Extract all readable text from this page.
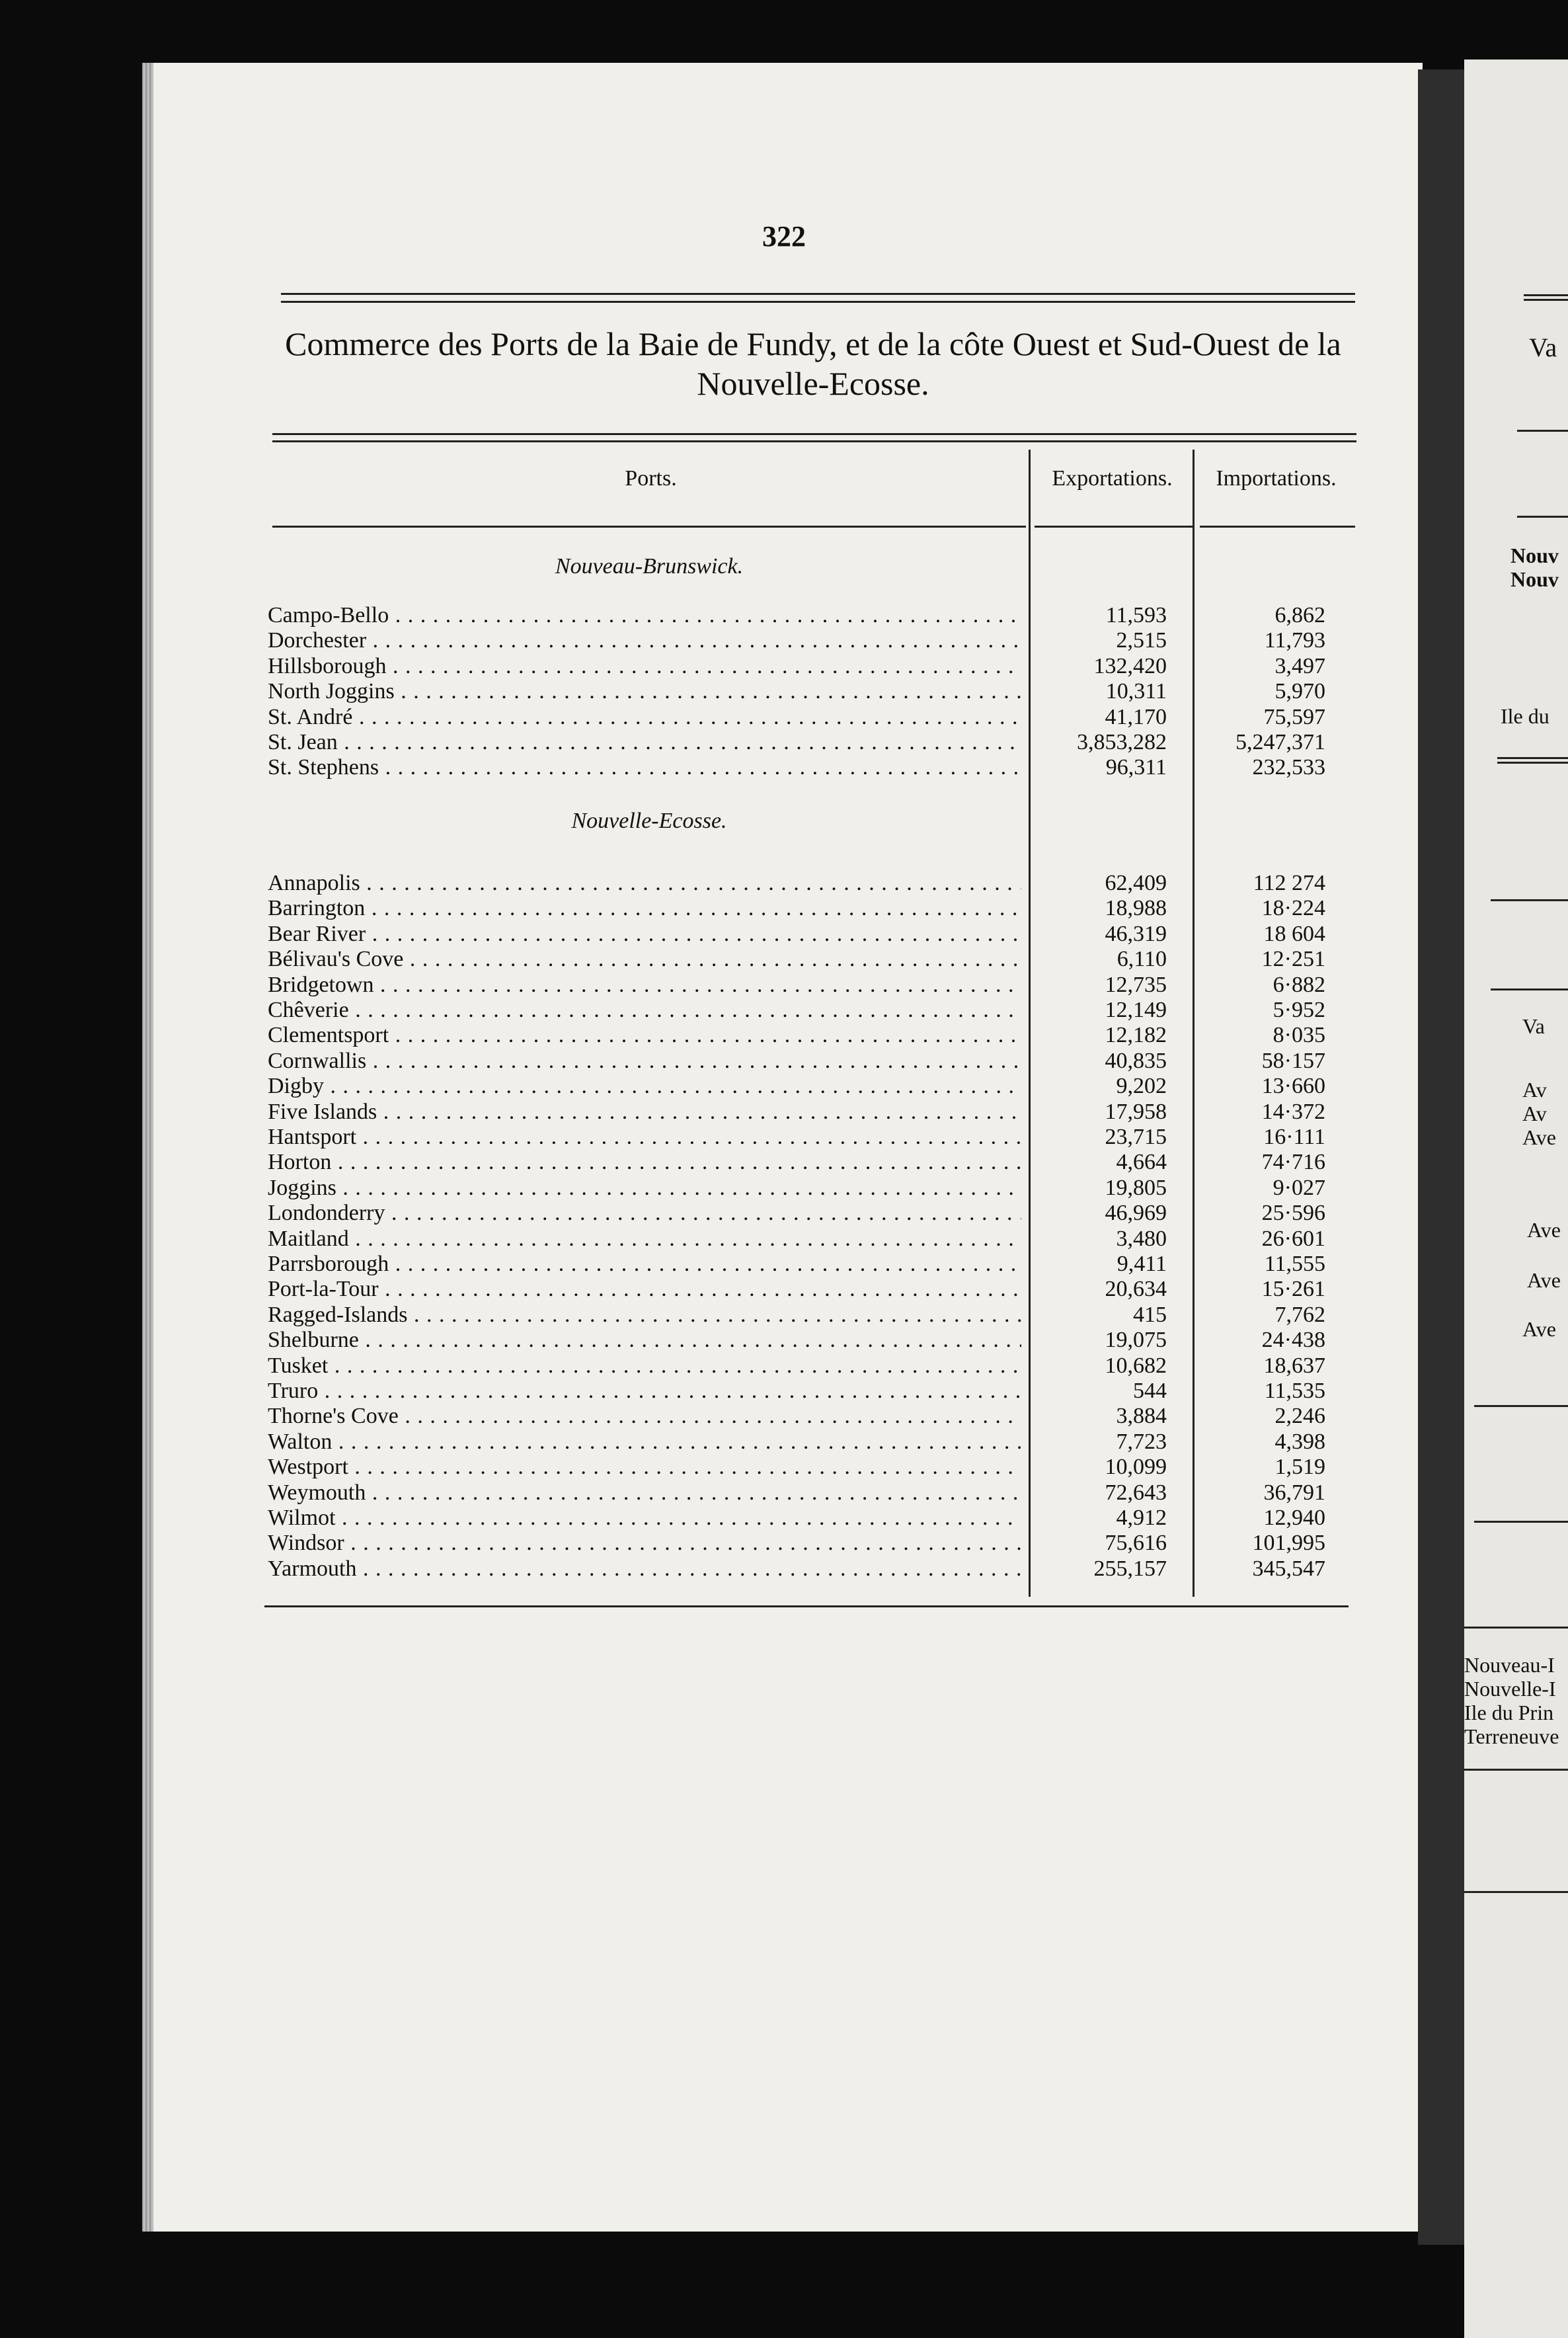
Va
Nouv
Nouv
Ile du
Va
Av
Av
Ave
Ave
Ave
Ave
Nouveau-I
Nouvelle-I
Ile du Prin
Terreneuve
322
Commerce des Ports de la Baie de Fundy, et de la côte Ouest et Sud-Ouest de la Nouvelle-Ecosse.
Ports.	Exportations.	Importations.
Nouveau-Brunswick.
Nouvelle-Ecosse.
Campo-Bello . . .	11,593	6,862
Dorchester . . .	2,515	11,793
Hillsborough . . .	132,420	3,497
North Joggins . . .	10,311	5,970
St. André . . .	41,170	75,597
St. Jean . . .	3,853,282	5,247,371
St. Stephens . . .	96,311	232,533
Annapolis . . .	62,409	112 274
Barrington . . .	18,988	18·224
Bear River . . .	46,319	18 604
Bélivau's Cove . . .	6,110	12·251
Bridgetown . . .	12,735	6·882
Chêverie . . .	12,149	5·952
Clementsport . . .	12,182	8·035
Cornwallis . . .	40,835	58·157
Digby . . .	9,202	13·660
Five Islands . . .	17,958	14·372
Hantsport . . .	23,715	16·111
Horton . . .	4,664	74·716
Joggins . . .	19,805	9·027
Londonderry . . .	46,969	25·596
Maitland . . .	3,480	26·601
Parrsborough . . .	9,411	11,555
Port-la-Tour . . .	20,634	15·261
Ragged-Islands . . .	415	7,762
Shelburne . . .	19,075	24·438
Tusket . . .	10,682	18,637
Truro . . .	544	11,535
Thorne's Cove . . .	3,884	2,246
Walton . . .	7,723	4,398
Westport . . .	10,099	1,519
Weymouth . . .	72,643	36,791
Wilmot . . .	4,912	12,940
Windsor . . .	75,616	101,995
Yarmouth . . .	255,157	345,547
